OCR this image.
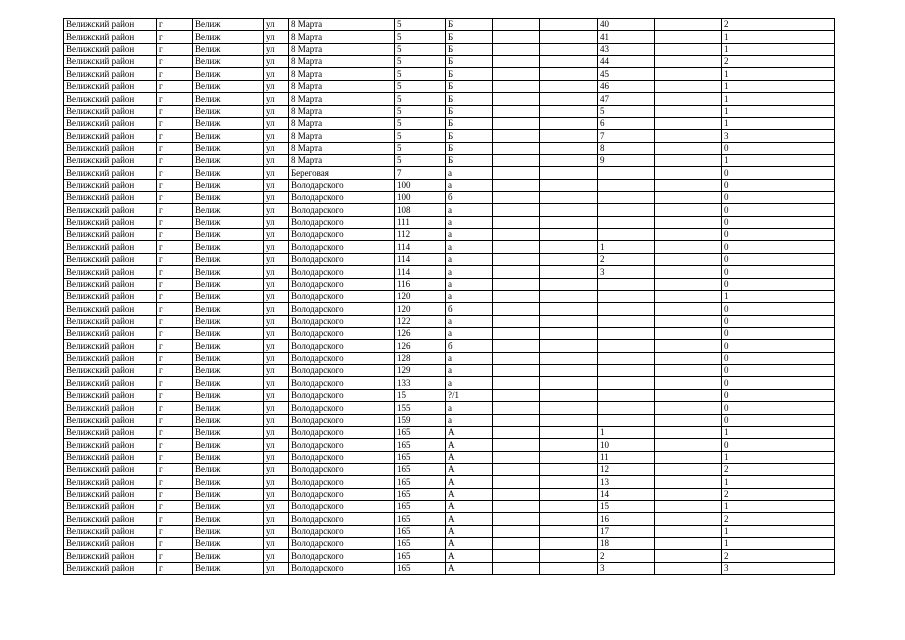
Велижский район	г	Велиж	ул	8 Марта	5	Б			40		2
Велижский район	г	Велиж	ул	8 Марта	5	Б			41		1
Велижский район	г	Велиж	ул	8 Марта	5	Б			43		1
Велижский район	г	Велиж	ул	8 Марта	5	Б			44		2
Велижский район	г	Велиж	ул	8 Марта	5	Б			45		1
Велижский район	г	Велиж	ул	8 Марта	5	Б			46		1
Велижский район	г	Велиж	ул	8 Марта	5	Б			47		1
Велижский район	г	Велиж	ул	8 Марта	5	Б			5		1
Велижский район	г	Велиж	ул	8 Марта	5	Б			6		1
Велижский район	г	Велиж	ул	8 Марта	5	Б			7		3
Велижский район	г	Велиж	ул	8 Марта	5	Б			8		0
Велижский район	г	Велиж	ул	8 Марта	5	Б			9		1
Велижский район	г	Велиж	ул	Береговая	7	а					0
Велижский район	г	Велиж	ул	Володарского	100	а					0
Велижский район	г	Велиж	ул	Володарского	100	б					0
Велижский район	г	Велиж	ул	Володарского	108	а					0
Велижский район	г	Велиж	ул	Володарского	111	а					0
Велижский район	г	Велиж	ул	Володарского	112	а					0
Велижский район	г	Велиж	ул	Володарского	114	а			1		0
Велижский район	г	Велиж	ул	Володарского	114	а			2		0
Велижский район	г	Велиж	ул	Володарского	114	а			3		0
Велижский район	г	Велиж	ул	Володарского	116	а					0
Велижский район	г	Велиж	ул	Володарского	120	а					1
Велижский район	г	Велиж	ул	Володарского	120	б					0
Велижский район	г	Велиж	ул	Володарского	122	а					0
Велижский район	г	Велиж	ул	Володарского	126	а					0
Велижский район	г	Велиж	ул	Володарского	126	б					0
Велижский район	г	Велиж	ул	Володарского	128	а					0
Велижский район	г	Велиж	ул	Володарского	129	а					0
Велижский район	г	Велиж	ул	Володарского	133	а					0
Велижский район	г	Велиж	ул	Володарского	15	?/1					0
Велижский район	г	Велиж	ул	Володарского	155	а					0
Велижский район	г	Велиж	ул	Володарского	159	а					0
Велижский район	г	Велиж	ул	Володарского	165	А			1		1
Велижский район	г	Велиж	ул	Володарского	165	А			10		0
Велижский район	г	Велиж	ул	Володарского	165	А			11		1
Велижский район	г	Велиж	ул	Володарского	165	А			12		2
Велижский район	г	Велиж	ул	Володарского	165	А			13		1
Велижский район	г	Велиж	ул	Володарского	165	А			14		2
Велижский район	г	Велиж	ул	Володарского	165	А			15		1
Велижский район	г	Велиж	ул	Володарского	165	А			16		2
Велижский район	г	Велиж	ул	Володарского	165	А			17		1
Велижский район	г	Велиж	ул	Володарского	165	А			18		1
Велижский район	г	Велиж	ул	Володарского	165	А			2		2
Велижский район	г	Велиж	ул	Володарского	165	А			3		3
